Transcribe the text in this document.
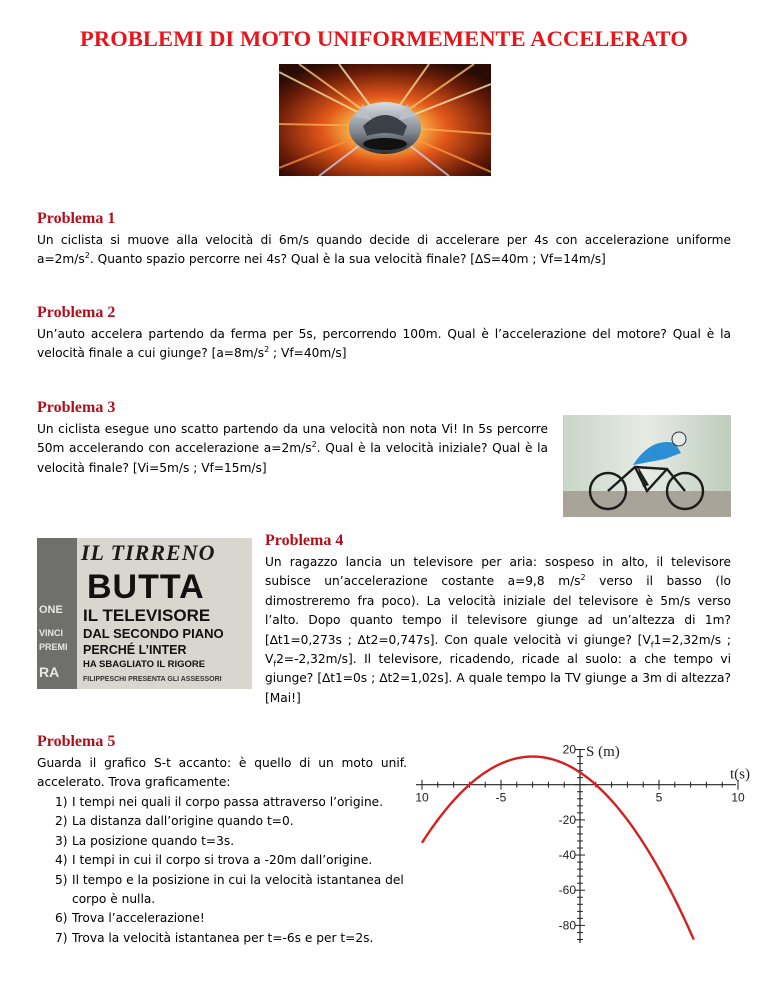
PROBLEMI DI MOTO UNIFORMEMENTE ACCELERATO
Problema 1
Un ciclista si muove alla velocità di 6m/s quando decide di accelerare per 4s con accelerazione uniforme $a=2m/s^2$. Quanto spazio percorre nei 4s? Qual è la sua velocità finale? [∆S=40m ; Vf=14m/s]
Problema 2
Un’auto accelera partendo da ferma per 5s, percorrendo 100m. Qual è l’accelerazione del motore? Qual è la velocità finale a cui giunge? [$a=8m/s^2$ ; Vf=40m/s]
Problema 3
Un ciclista esegue uno scatto partendo da una velocità non nota Vi! In 5s percorre 50m accelerando con accelerazione $a=2m/s^2$. Qual è la velocità iniziale? Qual è la velocità finale? [Vi=5m/s ; Vf=15m/s]
IL TIRRENO
BUTTA
IL TELEVISORE
DAL SECONDO PIANO
PERCHÉ L’INTER
HA SBAGLIATO IL RIGORE
FILIPPESCHI PRESENTA GLI ASSESSORI
ONE
VINCI
PREMI
RA
Problema 4
Un ragazzo lancia un televisore per aria: sospeso in alto, il televisore subisce un’accelerazione costante a=9,8 $m/s^2$ verso il basso (lo dimostreremo fra poco). La velocità iniziale del televisore è 5m/s verso l’alto. Dopo quanto tempo il televisore giunge ad un’altezza di 1m? [∆t1=0,273s ; ∆t2=0,747s]. Con quale velocità vi giunge? [$V_f1=2,32m/s$ ; $V_f2=-2,32m/s$]. Il televisore, ricadendo, ricade al suolo: a che tempo vi giunge? [∆t1=0s ; ∆t2=1,02s]. A quale tempo la TV giunge a 3m di altezza? [Mai!]
Problema 5
Guarda il grafico S-t accanto: è quello di un moto unif. accelerato. Trova graficamente:
1) I tempi nei quali il corpo passa attraverso l’origine.
2) La distanza dall’origine quando t=0.
3) La posizione quando t=3s.
4) I tempi in cui il corpo si trova a -20m dall’origine.
5) Il tempo e la posizione in cui la velocità istantanea del corpo è nulla.
6) Trova l’accelerazione!
7) Trova la velocità istantanea per t=-6s e per t=2s.
10	-5	5	10
20
-20
-40
-60
-80
S (m)
t(s)
